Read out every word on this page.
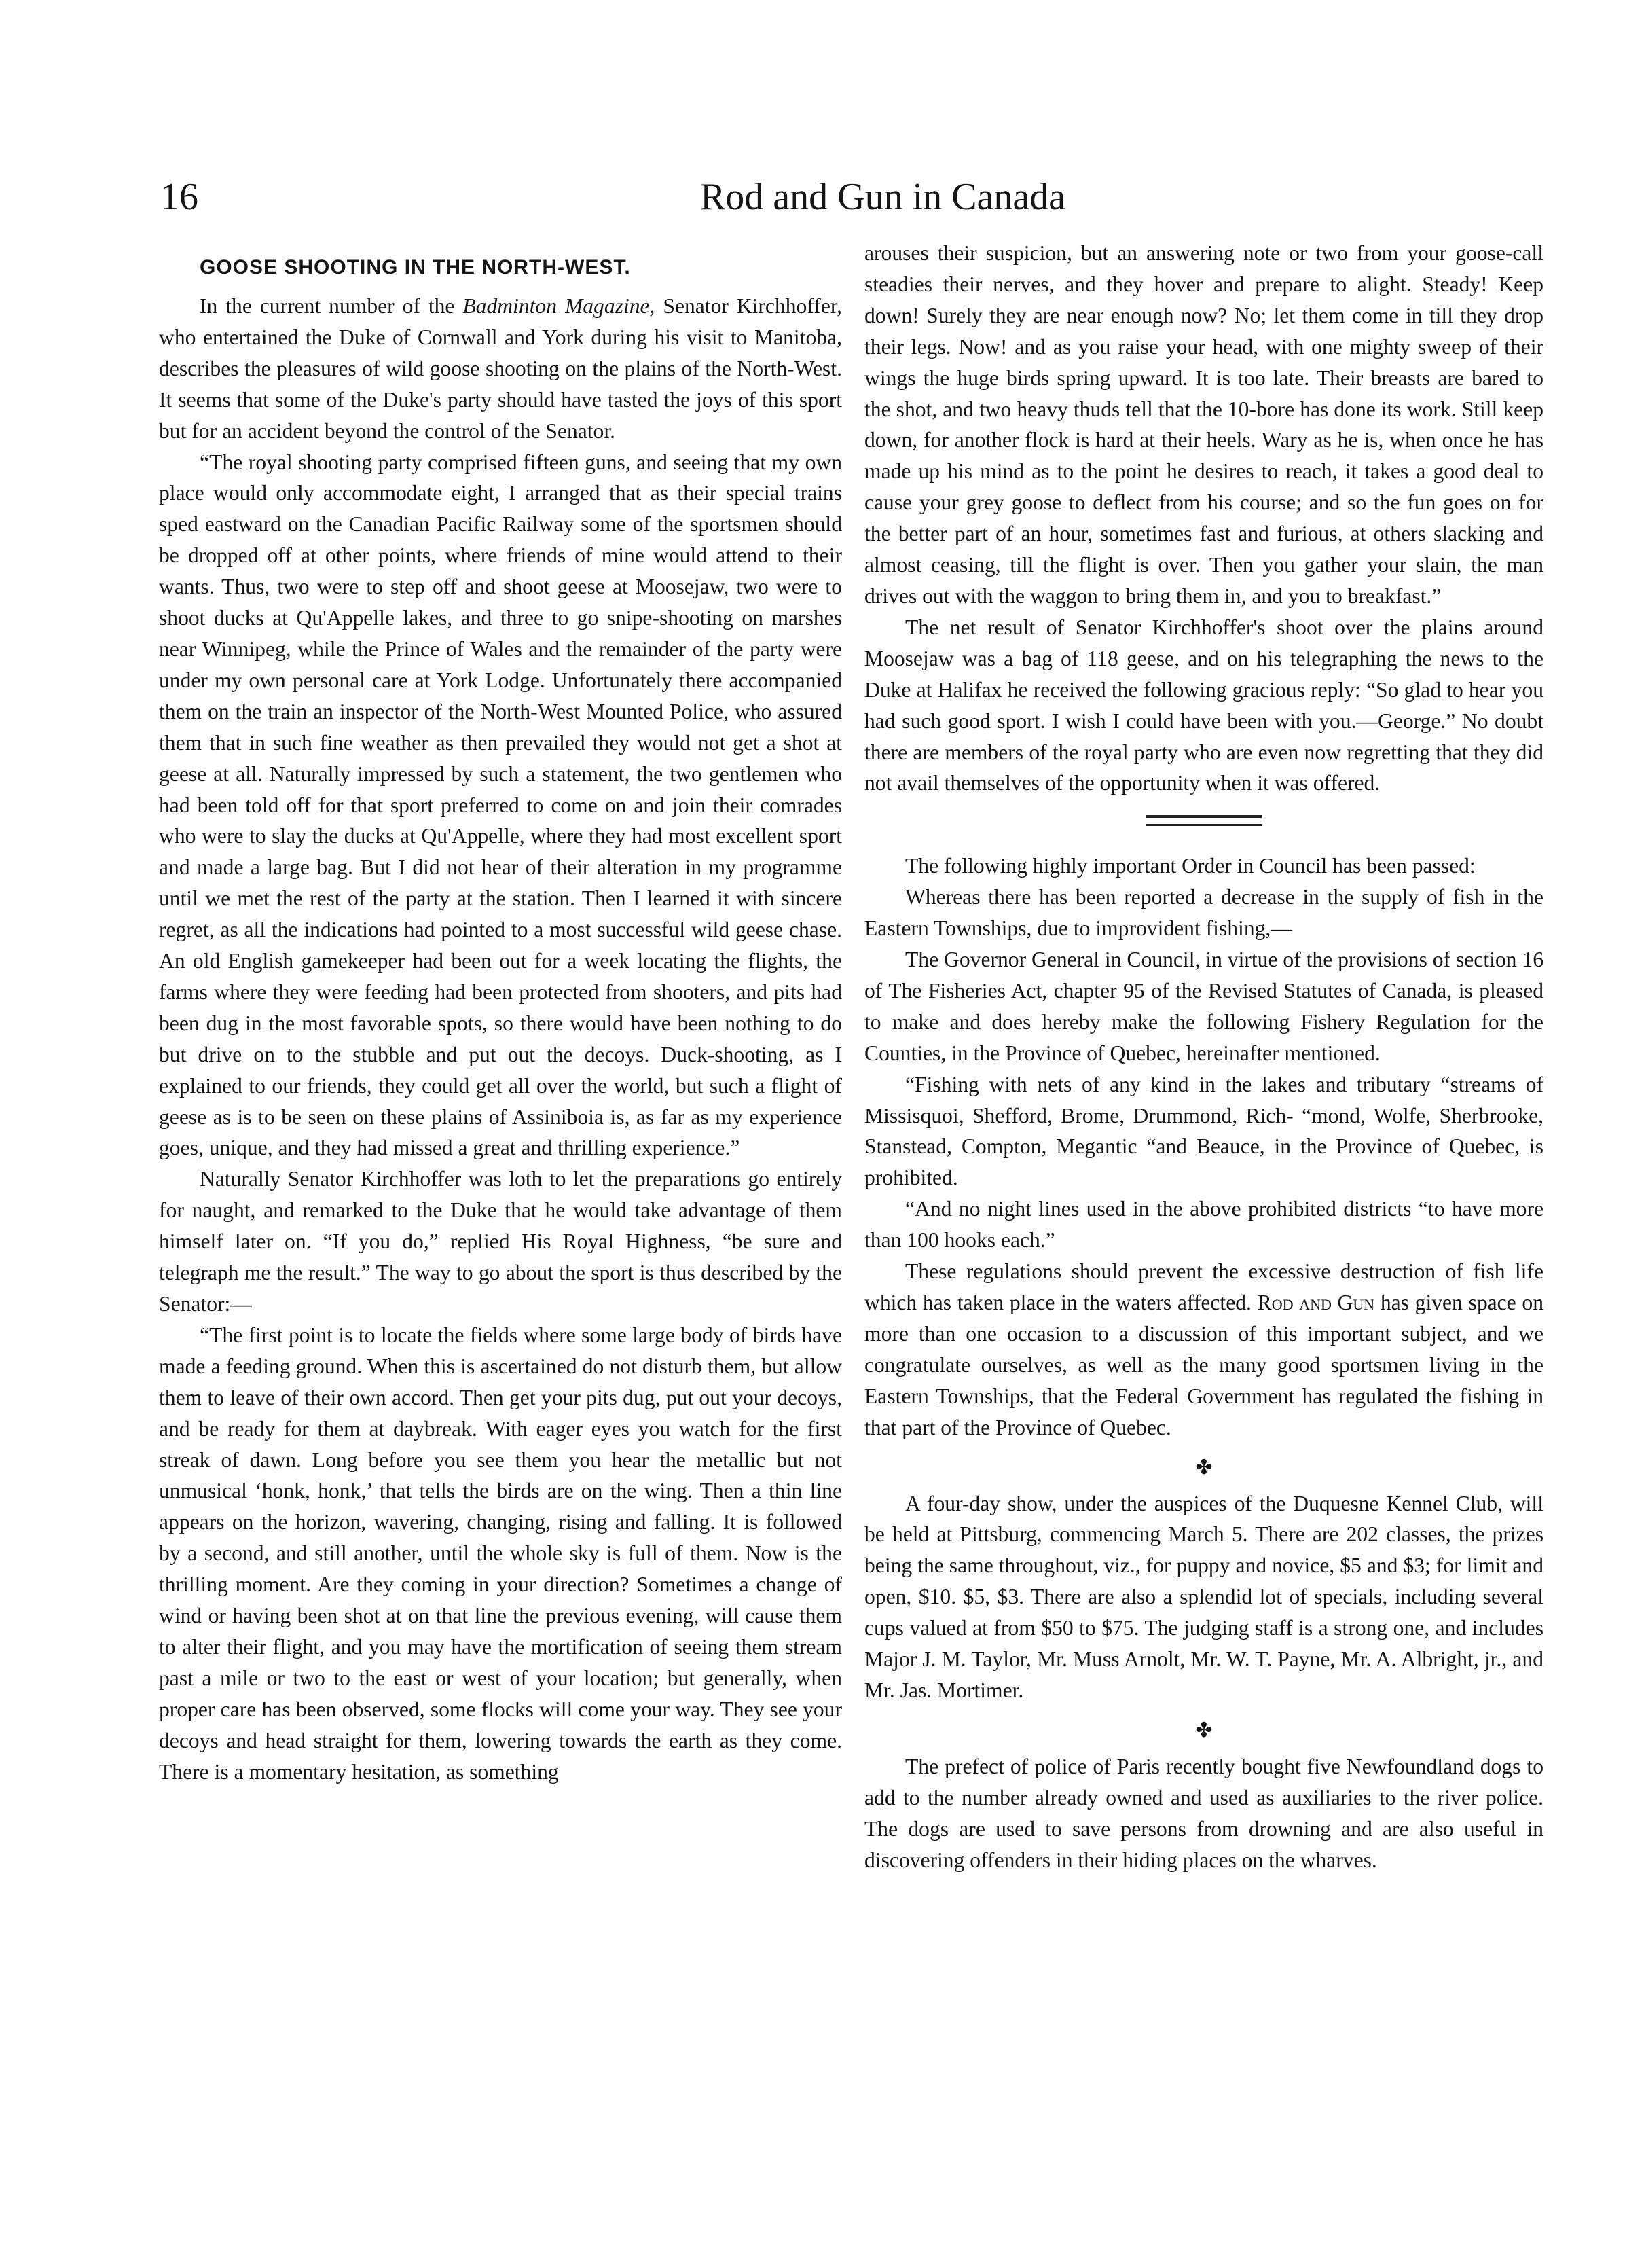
16	Rod and Gun in Canada
GOOSE SHOOTING IN THE NORTH-WEST.

In the current number of the Badminton Magazine, Senator Kirchhoffer, who entertained the Duke of Cornwall and York during his visit to Manitoba, describes the pleasures of wild goose shooting on the plains of the North-West. It seems that some of the Duke's party should have tasted the joys of this sport but for an accident beyond the control of the Senator.

“The royal shooting party comprised fifteen guns, and seeing that my own place would only accommodate eight, I arranged that as their special trains sped eastward on the Canadian Pacific Railway some of the sportsmen should be dropped off at other points, where friends of mine would attend to their wants. Thus, two were to step off and shoot geese at Moosejaw, two were to shoot ducks at Qu'Appelle lakes, and three to go snipe-shooting on marshes near Winnipeg, while the Prince of Wales and the remainder of the party were under my own personal care at York Lodge. Unfortunately there accompanied them on the train an inspector of the North-West Mounted Police, who assured them that in such fine weather as then prevailed they would not get a shot at geese at all. Naturally impressed by such a statement, the two gentlemen who had been told off for that sport preferred to come on and join their comrades who were to slay the ducks at Qu'Appelle, where they had most excellent sport and made a large bag. But I did not hear of their alteration in my programme until we met the rest of the party at the station. Then I learned it with sincere regret, as all the indications had pointed to a most successful wild geese chase. An old English gamekeeper had been out for a week locating the flights, the farms where they were feeding had been protected from shooters, and pits had been dug in the most favorable spots, so there would have been nothing to do but drive on to the stubble and put out the decoys. Duck-shooting, as I explained to our friends, they could get all over the world, but such a flight of geese as is to be seen on these plains of Assiniboia is, as far as my experience goes, unique, and they had missed a great and thrilling experience.”

Naturally Senator Kirchhoffer was loth to let the preparations go entirely for naught, and remarked to the Duke that he would take advantage of them himself later on. “If you do,” replied His Royal Highness, “be sure and telegraph me the result.” The way to go about the sport is thus described by the Senator:—

“The first point is to locate the fields where some large body of birds have made a feeding ground. When this is ascertained do not disturb them, but allow them to leave of their own accord. Then get your pits dug, put out your decoys, and be ready for them at daybreak. With eager eyes you watch for the first streak of dawn. Long before you see them you hear the metallic but not unmusical ‘honk, honk,’ that tells the birds are on the wing. Then a thin line appears on the horizon, wavering, changing, rising and falling. It is followed by a second, and still another, until the whole sky is full of them. Now is the thrilling moment. Are they coming in your direction? Sometimes a change of wind or having been shot at on that line the previous evening, will cause them to alter their flight, and you may have the mortification of seeing them stream past a mile or two to the east or west of your location; but generally, when proper care has been observed, some flocks will come your way. They see your decoys and head straight for them, lowering towards the earth as they come. There is a momentary hesitation, as something

arouses their suspicion, but an answering note or two from your goose-call steadies their nerves, and they hover and prepare to alight. Steady! Keep down! Surely they are near enough now? No; let them come in till they drop their legs. Now! and as you raise your head, with one mighty sweep of their wings the huge birds spring upward. It is too late. Their breasts are bared to the shot, and two heavy thuds tell that the 10-bore has done its work. Still keep down, for another flock is hard at their heels. Wary as he is, when once he has made up his mind as to the point he desires to reach, it takes a good deal to cause your grey goose to deflect from his course; and so the fun goes on for the better part of an hour, sometimes fast and furious, at others slacking and almost ceasing, till the flight is over. Then you gather your slain, the man drives out with the waggon to bring them in, and you to breakfast.”

The net result of Senator Kirchhoffer's shoot over the plains around Moosejaw was a bag of 118 geese, and on his telegraphing the news to the Duke at Halifax he received the following gracious reply: “So glad to hear you had such good sport. I wish I could have been with you.—George.” No doubt there are members of the royal party who are even now regretting that they did not avail themselves of the opportunity when it was offered.

The following highly important Order in Council has been passed:

Whereas there has been reported a decrease in the supply of fish in the Eastern Townships, due to improvident fishing,—

The Governor General in Council, in virtue of the provisions of section 16 of The Fisheries Act, chapter 95 of the Revised Statutes of Canada, is pleased to make and does hereby make the following Fishery Regulation for the Counties, in the Province of Quebec, hereinafter mentioned.

“Fishing with nets of any kind in the lakes and tributary “streams of Missisquoi, Shefford, Brome, Drummond, Rich- “mond, Wolfe, Sherbrooke, Stanstead, Compton, Megantic “and Beauce, in the Province of Quebec, is prohibited.

“And no night lines used in the above prohibited districts “to have more than 100 hooks each.”

These regulations should prevent the excessive destruction of fish life which has taken place in the waters affected. Rod and Gun has given space on more than one occasion to a discussion of this important subject, and we congratulate ourselves, as well as the many good sportsmen living in the Eastern Townships, that the Federal Government has regulated the fishing in that part of the Province of Quebec.

✤

A four-day show, under the auspices of the Duquesne Kennel Club, will be held at Pittsburg, commencing March 5. There are 202 classes, the prizes being the same throughout, viz., for puppy and novice, $5 and $3; for limit and open, $10. $5, $3. There are also a splendid lot of specials, including several cups valued at from $50 to $75. The judging staff is a strong one, and includes Major J. M. Taylor, Mr. Muss Arnolt, Mr. W. T. Payne, Mr. A. Albright, jr., and Mr. Jas. Mortimer.

✤

The prefect of police of Paris recently bought five Newfoundland dogs to add to the number already owned and used as auxiliaries to the river police. The dogs are used to save persons from drowning and are also useful in discovering offenders in their hiding places on the wharves.
